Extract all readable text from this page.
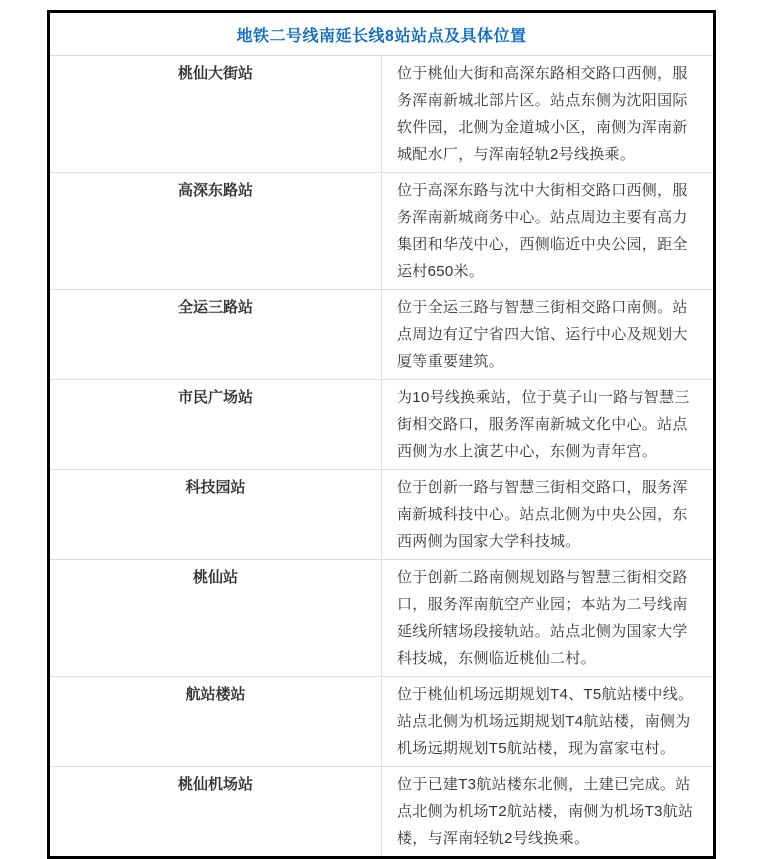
地铁二号线南延长线8站站点及具体位置	
桃仙大街站	位于桃仙大街和高深东路相交路口西侧，服务浑南新城北部片区。站点东侧为沈阳国际软件园，北侧为金道城小区，南侧为浑南新城配水厂，与浑南轻轨2号线换乘。
高深东路站	位于高深东路与沈中大街相交路口西侧，服务浑南新城商务中心。站点周边主要有高力集团和华茂中心，西侧临近中央公园，距全运村650米。
全运三路站	位于全运三路与智慧三街相交路口南侧。站点周边有辽宁省四大馆、运行中心及规划大厦等重要建筑。
市民广场站	为10号线换乘站，位于莫子山一路与智慧三街相交路口，服务浑南新城文化中心。站点西侧为水上演艺中心，东侧为青年宫。
科技园站	位于创新一路与智慧三街相交路口，服务浑南新城科技中心。站点北侧为中央公园，东西两侧为国家大学科技城。
桃仙站	位于创新二路南侧规划路与智慧三街相交路口，服务浑南航空产业园；本站为二号线南延线所辖场段接轨站。站点北侧为国家大学科技城，东侧临近桃仙二村。
航站楼站	位于桃仙机场远期规划T4、T5航站楼中线。站点北侧为机场远期规划T4航站楼，南侧为机场远期规划T5航站楼，现为富家屯村。
桃仙机场站	位于已建T3航站楼东北侧，土建已完成。站点北侧为机场T2航站楼，南侧为机场T3航站楼，与浑南轻轨2号线换乘。
